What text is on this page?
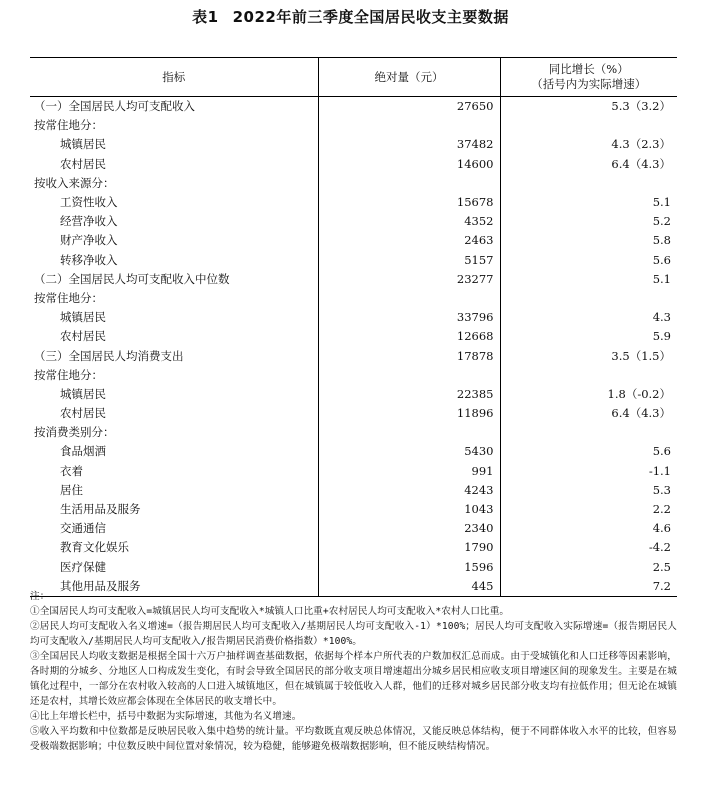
表1 2022年前三季度全国居民收支主要数据
指标	绝对量（元）	同比增长（%）
（括号内为实际增速）

（一）全国居民人均可支配收入	27650	5.3（3.2）
按常住地分：		
城镇居民	37482	4.3（2.3）
农村居民	14600	6.4（4.3）
按收入来源分：		
工资性收入	15678	5.1
经营净收入	4352	5.2
财产净收入	2463	5.8
转移净收入	5157	5.6
（二）全国居民人均可支配收入中位数	23277	5.1
按常住地分：		
城镇居民	33796	4.3
农村居民	12668	5.9
（三）全国居民人均消费支出	17878	3.5（1.5）
按常住地分：		
城镇居民	22385	1.8（-0.2）
农村居民	11896	6.4（4.3）
按消费类别分：		
食品烟酒	5430	5.6
衣着	991	-1.1
居住	4243	5.3
生活用品及服务	1043	2.2
交通通信	2340	4.6
教育文化娱乐	1790	-4.2
医疗保健	1596	2.5
其他用品及服务	445	7.2

注：

①全国居民人均可支配收入=城镇居民人均可支配收入*城镇人口比重+农村居民人均可支配收入*农村人口比重。

②居民人均可支配收入名义增速=（报告期居民人均可支配收入/基期居民人均可支配收入-1）*100%；居民人均可支配收入实际增速=（报告期居民人均可支配收入/基期居民人均可支配收入/报告期居民消费价格指数）*100%。

③全国居民人均收支数据是根据全国十六万户抽样调查基础数据，依据每个样本户所代表的户数加权汇总而成。由于受城镇化和人口迁移等因素影响，各时期的分城乡、分地区人口构成发生变化，有时会导致全国居民的部分收支项目增速超出分城乡居民相应收支项目增速区间的现象发生。主要是在城镇化过程中，一部分在农村收入较高的人口进入城镇地区，但在城镇属于较低收入人群，他们的迁移对城乡居民部分收支均有拉低作用；但无论在城镇还是农村，其增长效应都会体现在全体居民的收支增长中。

④比上年增长栏中，括号中数据为实际增速，其他为名义增速。

⑤收入平均数和中位数都是反映居民收入集中趋势的统计量。平均数既直观反映总体情况，又能反映总体结构，便于不同群体收入水平的比较，但容易受极端数据影响；中位数反映中间位置对象情况，较为稳健，能够避免极端数据影响，但不能反映结构情况。
